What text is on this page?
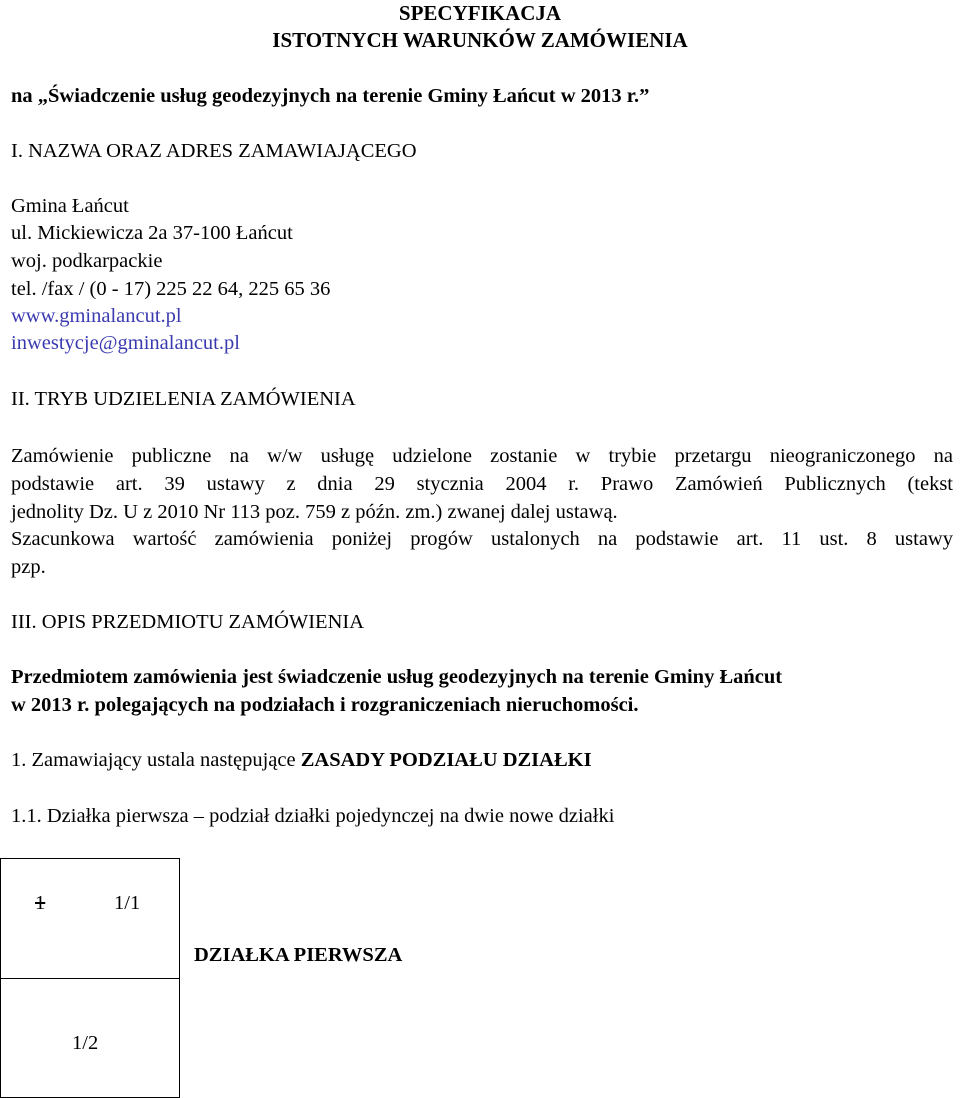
SPECYFIKACJA
ISTOTNYCH WARUNKÓW ZAMÓWIENIA
na „Świadczenie usług geodezyjnych na terenie Gminy Łańcut w 2013 r.”
I. NAZWA ORAZ ADRES ZAMAWIAJĄCEGO
Gmina Łańcut
ul. Mickiewicza 2a 37-100 Łańcut
woj. podkarpackie
tel. /fax / (0 - 17) 225 22 64, 225 65 36
www.gminalancut.pl
inwestycje@gminalancut.pl
II. TRYB UDZIELENIA ZAMÓWIENIA
Zamówienie publiczne na w/w usługę udzielone zostanie w trybie przetargu nieograniczonego na
podstawie art. 39 ustawy z dnia 29 stycznia 2004 r. Prawo Zamówień Publicznych (tekst
jednolity Dz. U z 2010 Nr 113 poz. 759 z późn. zm.) zwanej dalej ustawą.
Szacunkowa wartość zamówienia poniżej progów ustalonych na podstawie art. 11 ust. 8 ustawy
pzp.
III. OPIS PRZEDMIOTU ZAMÓWIENIA
Przedmiotem zamówienia jest świadczenie usług geodezyjnych na terenie Gminy Łańcut
w 2013 r. polegających na podziałach i rozgraniczeniach nieruchomości.
1. Zamawiający ustala następujące ZASADY PODZIAŁU DZIAŁKI
1.1. Działka pierwsza – podział działki pojedynczej na dwie nowe działki
1	1/1
DZIAŁKA PIERWSZA
1/2
